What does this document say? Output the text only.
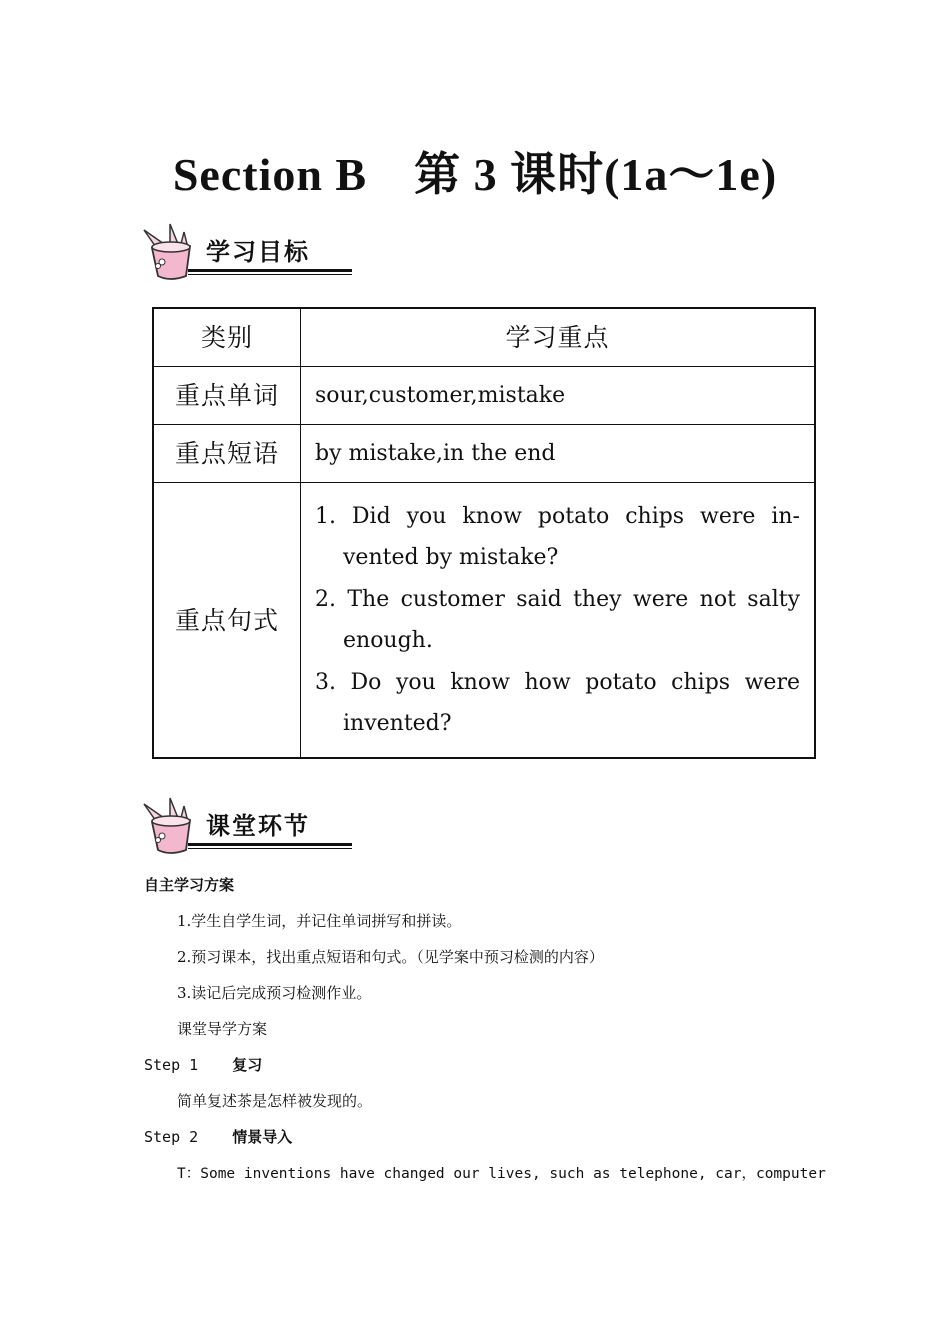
Section B　第 3 课时(1a～1e)
学习目标
类别	学习重点
重点单词	sour,customer,mistake
重点短语	by mistake,in the end
重点句式	1. Did you know potato chips were in-vented by mistake?
2. The customer said they were not salty enough.
3. Do you know how potato chips were invented?
课堂环节
自主学习方案
1.学生自学生词，并记住单词拼写和拼读。
2.预习课本，找出重点短语和句式。（见学案中预习检测的内容）
3.读记后完成预习检测作业。
课堂导学方案
Step 1 复习
简单复述茶是怎样被发现的。
Step 2 情景导入
T：Some inventions have changed our lives, such as telephone, car，computer
